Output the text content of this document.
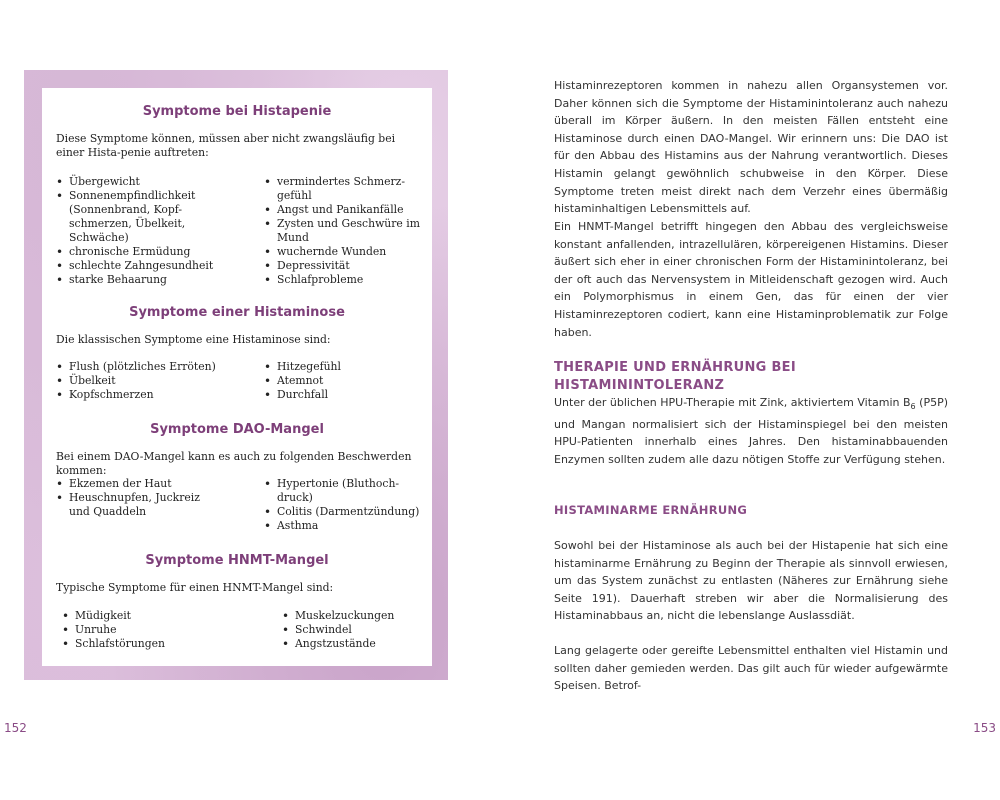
Symptome bei Histapenie

Diese Symptome können, müssen aber nicht zwangsläufig bei einer Hista-penie auftreten:

• Übergewicht
• Sonnenempfindlichkeit (Sonnenbrand, Kopf-schmerzen, Übelkeit, Schwäche)
• chronische Ermüdung
• schlechte Zahngesundheit
• starke Behaarung
• vermindertes Schmerz-gefühl
• Angst und Panikanfälle
• Zysten und Geschwüre im Mund
• wuchernde Wunden
• Depressivität
• Schlafprobleme
Symptome einer Histaminose

Die klassischen Symptome eine Histaminose sind:

• Flush (plötzliches Erröten)
• Übelkeit
• Kopfschmerzen
• Hitzegefühl
• Atemnot
• Durchfall
Symptome DAO-Mangel

Bei einem DAO-Mangel kann es auch zu folgenden Beschwerden kommen:

• Ekzemen der Haut
• Heuschnupfen, Juckreiz und Quaddeln
• Hypertonie (Bluthoch-druck)
• Colitis (Darmentzündung)
• Asthma
Symptome HNMT-Mangel

Typische Symptome für einen HNMT-Mangel sind:

• Müdigkeit
• Unruhe
• Schlafstörungen
• Muskelzuckungen
• Schwindel
• Angstzustände
152

Histaminrezeptoren kommen in nahezu allen Organsystemen vor. Daher können sich die Symptome der Histaminintoleranz auch nahezu überall im Körper äußern. In den meisten Fällen entsteht eine Histaminose durch einen DAO-Mangel. Wir erinnern uns: Die DAO ist für den Abbau des Histamins aus der Nahrung verantwortlich. Dieses Histamin gelangt gewöhnlich schubweise in den Körper. Diese Symptome treten meist direkt nach dem Verzehr eines übermäßig histaminhaltigen Lebensmittels auf.

Ein HNMT-Mangel betrifft hingegen den Abbau des vergleichsweise konstant anfallenden, intrazellulären, körpereigenen Histamins. Dieser äußert sich eher in einer chronischen Form der Histaminintoleranz, bei der oft auch das Nervensystem in Mitleidenschaft gezogen wird. Auch ein Polymorphismus in einem Gen, das für einen der vier Histaminrezeptoren codiert, kann eine Histaminproblematik zur Folge haben.

THERAPIE UND ERNÄHRUNG BEI HISTAMININTOLERANZ

Unter der üblichen HPU-Therapie mit Zink, aktiviertem Vitamin $B_6$ (P5P) und Mangan normalisiert sich der Histaminspiegel bei den meisten HPU-Patienten innerhalb eines Jahres. Den histaminabbauenden Enzymen sollten zudem alle dazu nötigen Stoffe zur Verfügung stehen.

HISTAMINARME ERNÄHRUNG

Sowohl bei der Histaminose als auch bei der Histapenie hat sich eine histaminarme Ernährung zu Beginn der Therapie als sinnvoll erwiesen, um das System zunächst zu entlasten (Näheres zur Ernährung siehe Seite 191). Dauerhaft streben wir aber die Normalisierung des Histaminabbaus an, nicht die lebenslange Auslassdiät.

Lang gelagerte oder gereifte Lebensmittel enthalten viel Histamin und sollten daher gemieden werden. Das gilt auch für wieder aufgewärmte Speisen. Betrof-

153
